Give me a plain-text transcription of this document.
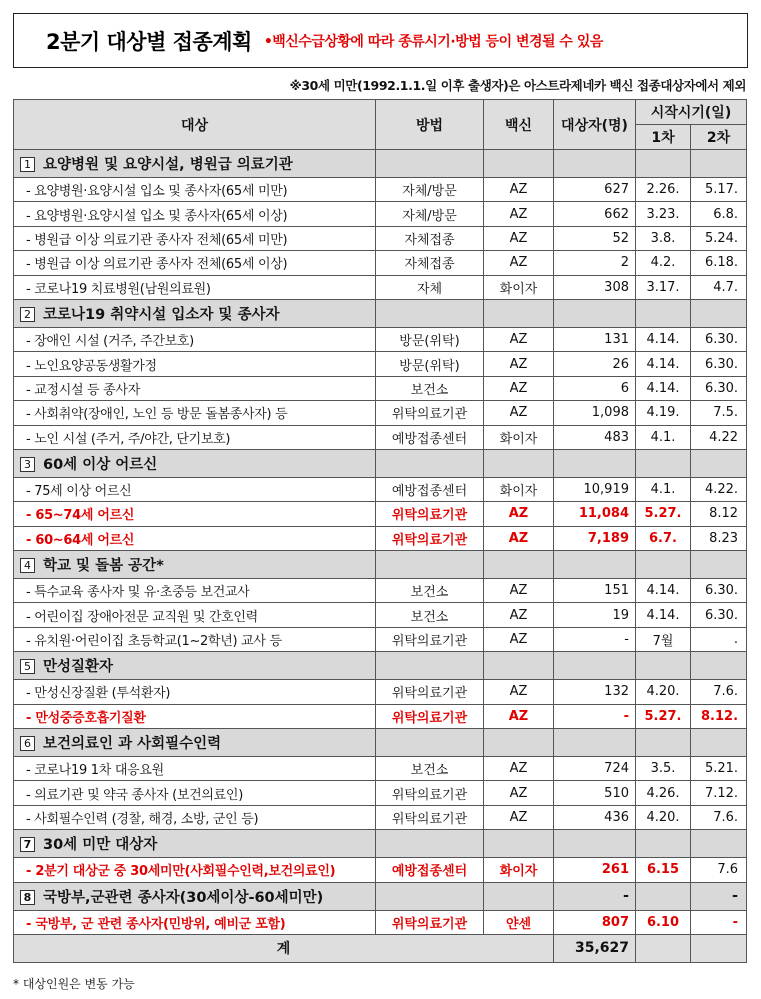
2분기 대상별 접종계획 •백신수급상황에 따라 종류시기·방법 등이 변경될 수 있음
※30세 미만(1992.1.1.일 이후 출생자)은 아스트라제네카 백신 접종대상자에서 제외
대상	방법	백신	대상자(명)	시작시기(일)	
				1차	2차
1 요양병원 및 요양시설, 병원급 의료기관					
- 요양병원·요양시설 입소 및 종사자(65세 미만)	자체/방문	AZ	627	2.26.	5.17.
- 요양병원·요양시설 입소 및 종사자(65세 이상)	자체/방문	AZ	662	3.23.	6.8.
- 병원급 이상 의료기관 종사자 전체(65세 미만)	자체접종	AZ	52	3.8.	5.24.
- 병원급 이상 의료기관 종사자 전체(65세 이상)	자체접종	AZ	2	4.2.	6.18.
- 코로나19 치료병원(남원의료원)	자체	화이자	308	3.17.	4.7.
2 코로나19 취약시설 입소자 및 종사자					
- 장애인 시설 (거주, 주간보호)	방문(위탁)	AZ	131	4.14.	6.30.
- 노인요양공동생활가정	방문(위탁)	AZ	26	4.14.	6.30.
- 교정시설 등 종사자	보건소	AZ	6	4.14.	6.30.
- 사회취약(장애인, 노인 등 방문 돌봄종사자) 등	위탁의료기관	AZ	1,098	4.19.	7.5.
- 노인 시설 (주거, 주/야간, 단기보호)	예방접종센터	화이자	483	4.1.	4.22
3 60세 이상 어르신					
- 75세 이상 어르신	예방접종센터	화이자	10,919	4.1.	4.22.
- 65~74세 어르신	위탁의료기관	AZ	11,084	5.27.	8.12
- 60~64세 어르신	위탁의료기관	AZ	7,189	6.7.	8.23
4 학교 및 돌봄 공간*					
- 특수교육 종사자 및 유·초중등 보건교사	보건소	AZ	151	4.14.	6.30.
- 어린이집 장애아전문 교직원 및 간호인력	보건소	AZ	19	4.14.	6.30.
- 유치원·어린이집 초등학교(1~2학년) 교사 등	위탁의료기관	AZ	-	7월	.
5 만성질환자					
- 만성신장질환 (투석환자)	위탁의료기관	AZ	132	4.20.	7.6.
- 만성중증호흡기질환	위탁의료기관	AZ	-	5.27.	8.12.
6 보건의료인 과 사회필수인력					
- 코로나19 1차 대응요원	보건소	AZ	724	3.5.	5.21.
- 의료기관 및 약국 종사자 (보건의료인)	위탁의료기관	AZ	510	4.26.	7.12.
- 사회필수인력 (경찰, 해경, 소방, 군인 등)	위탁의료기관	AZ	436	4.20.	7.6.
7 30세 미만 대상자					
- 2분기 대상군 중 30세미만(사회필수인력,보건의료인)	예방접종센터	화이자	261	6.15	7.6
8 국방부,군관련 종사자(30세이상-60세미만)			-		-
- 국방부, 군 관련 종사자(민방위, 예비군 포함)	위탁의료기관	얀센	807	6.10	-
계			35,627		
* 대상인원은 변동 가능
